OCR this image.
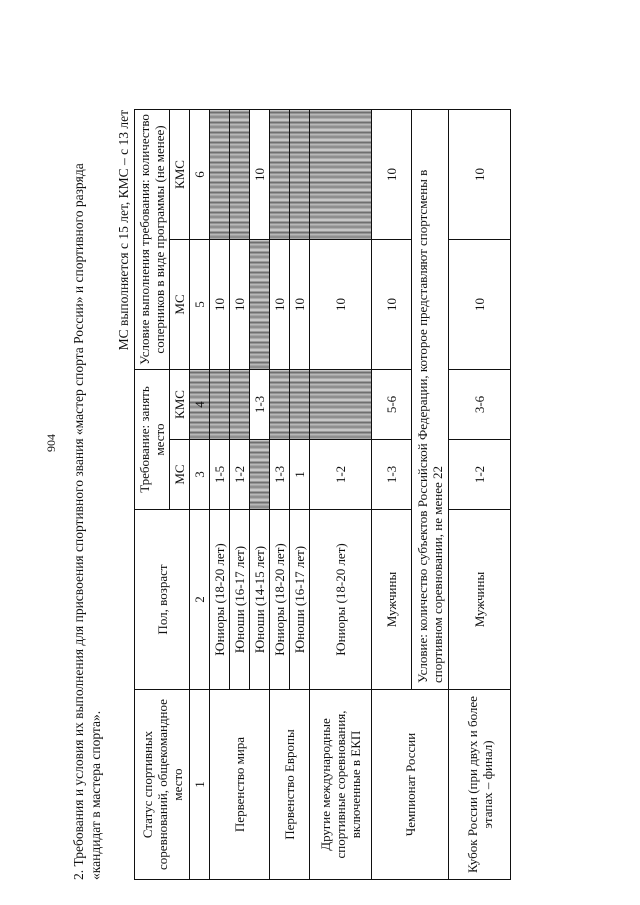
904 2. Требования и условия их выполнения для присвоения спортивного звания «мастер спорта России» и спортивного разряда «кандидат в мастера спорта».
МС выполняется с 15 лет, КМС – с 13 лет
Статус спортивных соревнований, общекомандное место	Пол, возраст	Требование: занять место		Условие выполнения требования: количество соперников в виде программы (не менее)	
		МС	КМС	МС	КМС
1	2	3	4	5	6
Первенство мира	Юниоры (18-20 лет)	1-5		10	
	Юноши (16-17 лет)	1-2		10	
	Юноши (14-15 лет)		1-3		10
Первенство Европы	Юниоры (18-20 лет)	1-3		10	
	Юноши (16-17 лет)	1		10	
Другие международные спортивные соревнования, включенные в ЕКП	Юниоры (18-20 лет)	1-2		10	
Чемпионат России	Мужчины	1-3	5-6	10	10
	Условие: количество субъектов Российской Федерации, которое представляют спортсмены в спортивном соревновании, не менее 22				
Кубок России (при двух и более этапах – финал)	Мужчины	1-2	3-6	10	10
